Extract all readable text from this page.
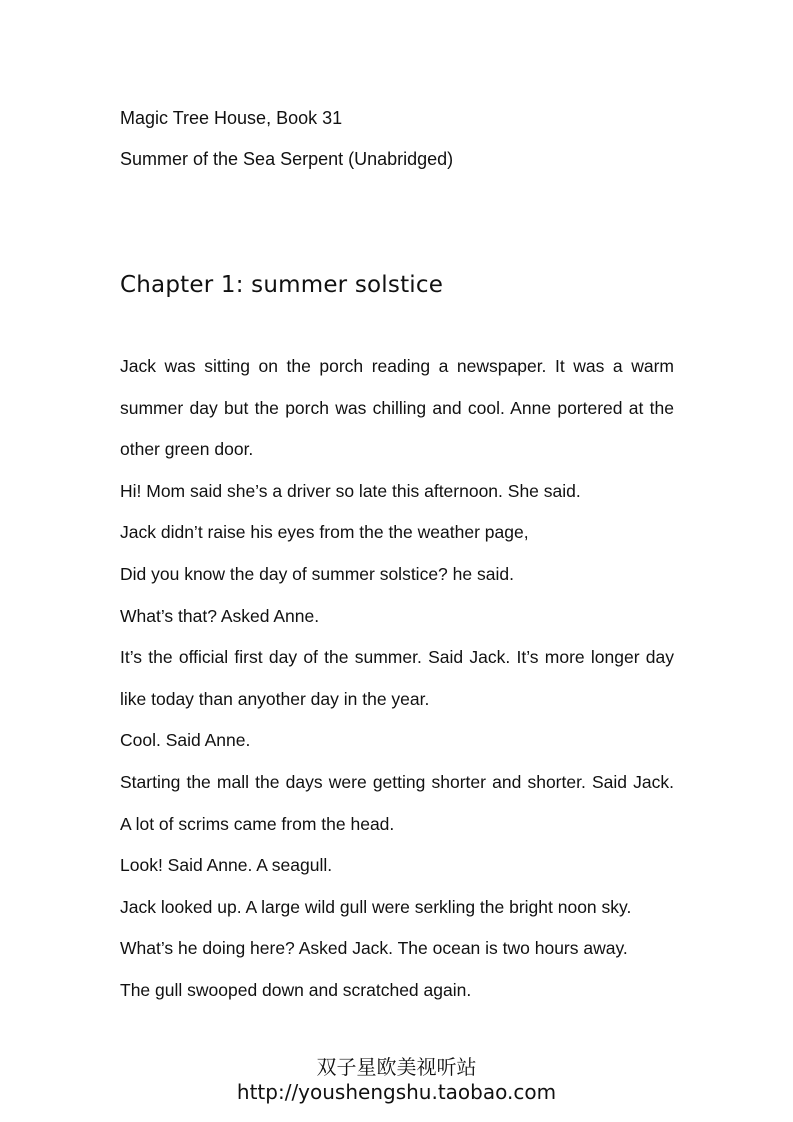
Magic Tree House, Book 31
Summer of the Sea Serpent (Unabridged)
Chapter 1: summer solstice

Jack was sitting on the porch reading a newspaper. It was a warm summer day but the porch was chilling and cool. Anne portered at the other green door.

Hi! Mom said she’s a driver so late this afternoon. She said.

Jack didn’t raise his eyes from the the weather page,

Did you know the day of summer solstice? he said.

What’s that? Asked Anne.

It’s the official first day of the summer. Said Jack. It’s more longer day like today than anyother day in the year.

Cool. Said Anne.

Starting the mall the days were getting shorter and shorter. Said Jack. A lot of scrims came from the head.

Look! Said Anne. A seagull.

Jack looked up. A large wild gull were serkling the bright noon sky.

What’s he doing here? Asked Jack. The ocean is two hours away.

The gull swooped down and scratched again.

双子星欧美视听站
http://youshengshu.taobao.com
